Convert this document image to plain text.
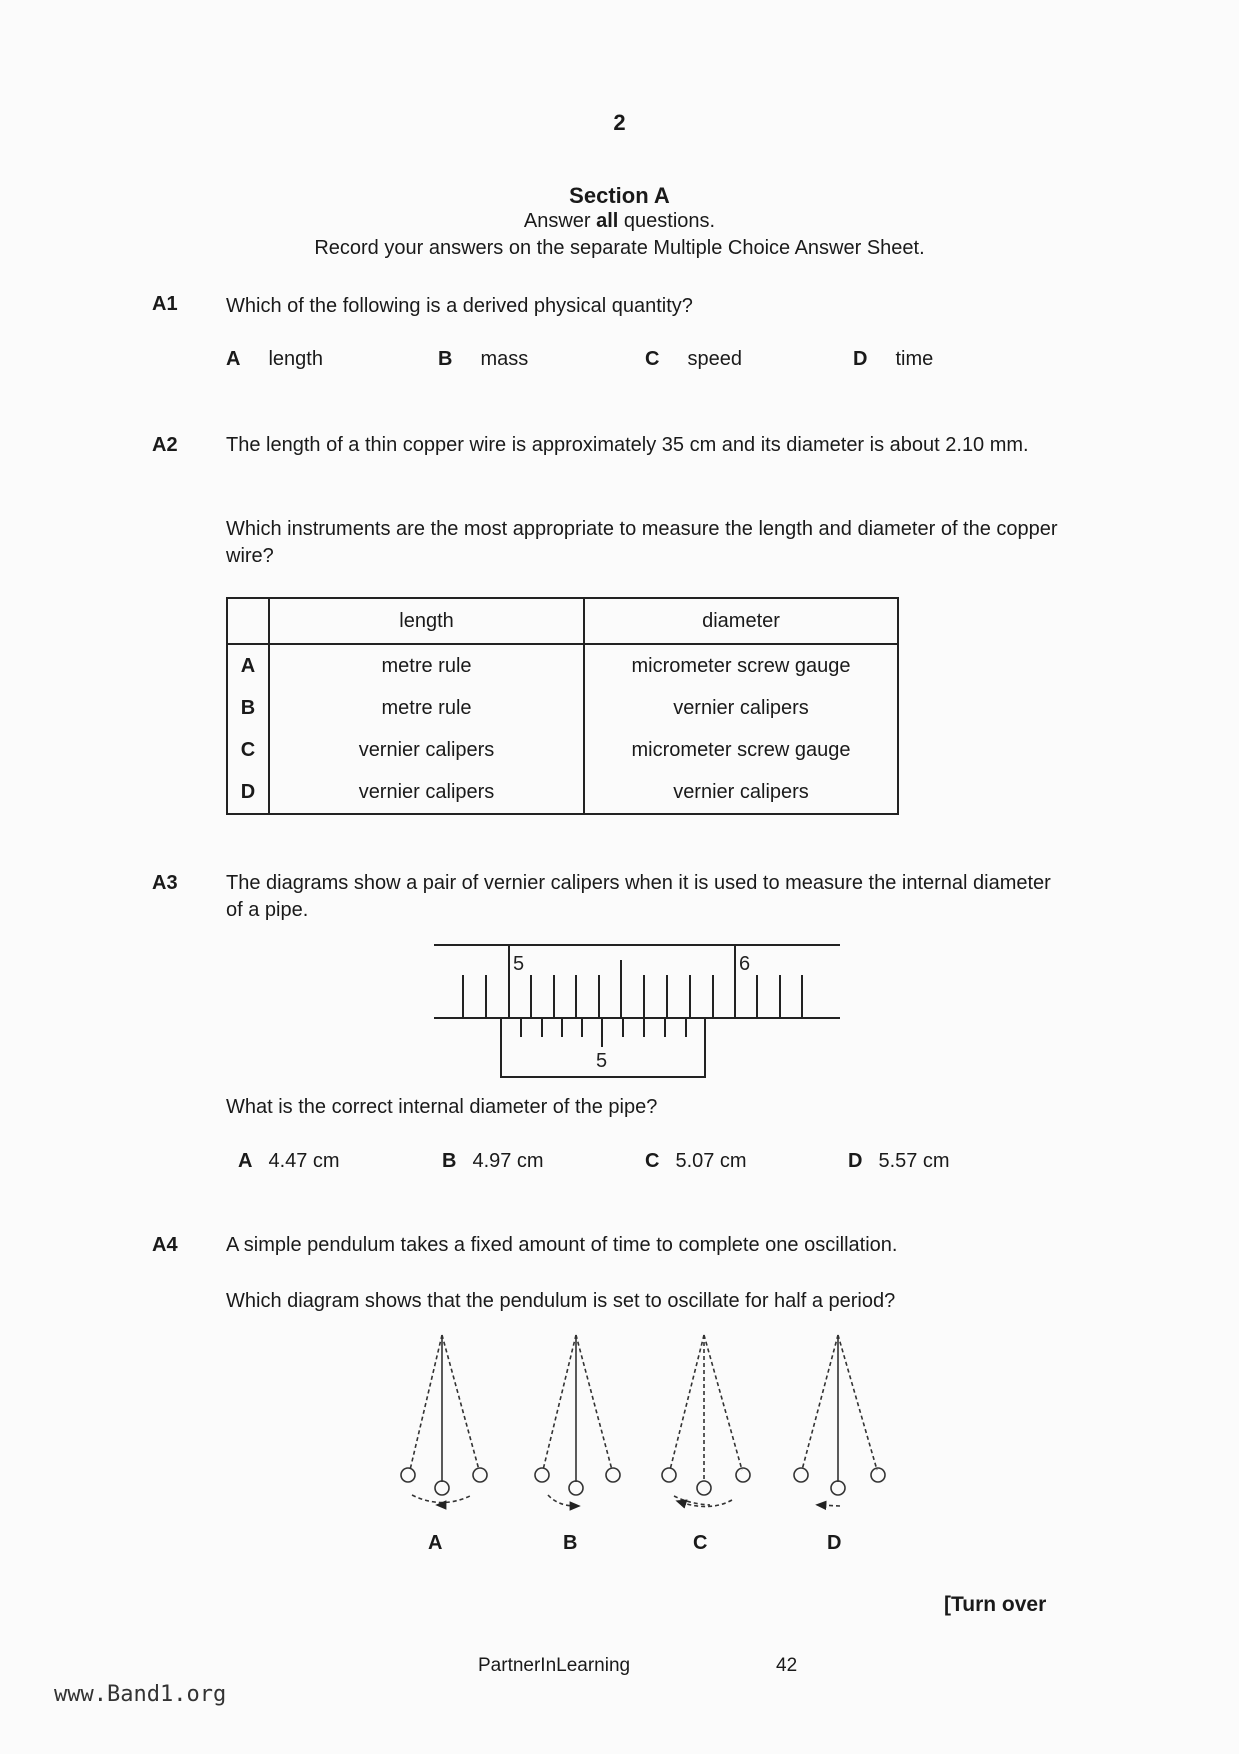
2
Section A
Answer all questions.
Record your answers on the separate Multiple Choice Answer Sheet.
A1 Which of the following is a derived physical quantity?
A length	B mass	C speed	D time
A2 The length of a thin copper wire is approximately 35 cm and its diameter is about 2.10 mm.
Which instruments are the most appropriate to measure the length and diameter of the copper wire?
	length	diameter
A	metre rule	micrometer screw gauge
B	metre rule	vernier calipers
C	vernier calipers	micrometer screw gauge
D	vernier calipers	vernier calipers
A3 The diagrams show a pair of vernier calipers when it is used to measure the internal diameter of a pipe.
5	6
5
What is the correct internal diameter of the pipe?
A 4.47 cm	B 4.97 cm	C 5.07 cm	D 5.57 cm
A4 A simple pendulum takes a fixed amount of time to complete one oscillation.
Which diagram shows that the pendulum is set to oscillate for half a period?
A	B	C	D
[Turn over
PartnerInLearning	42
www.Band1.org
